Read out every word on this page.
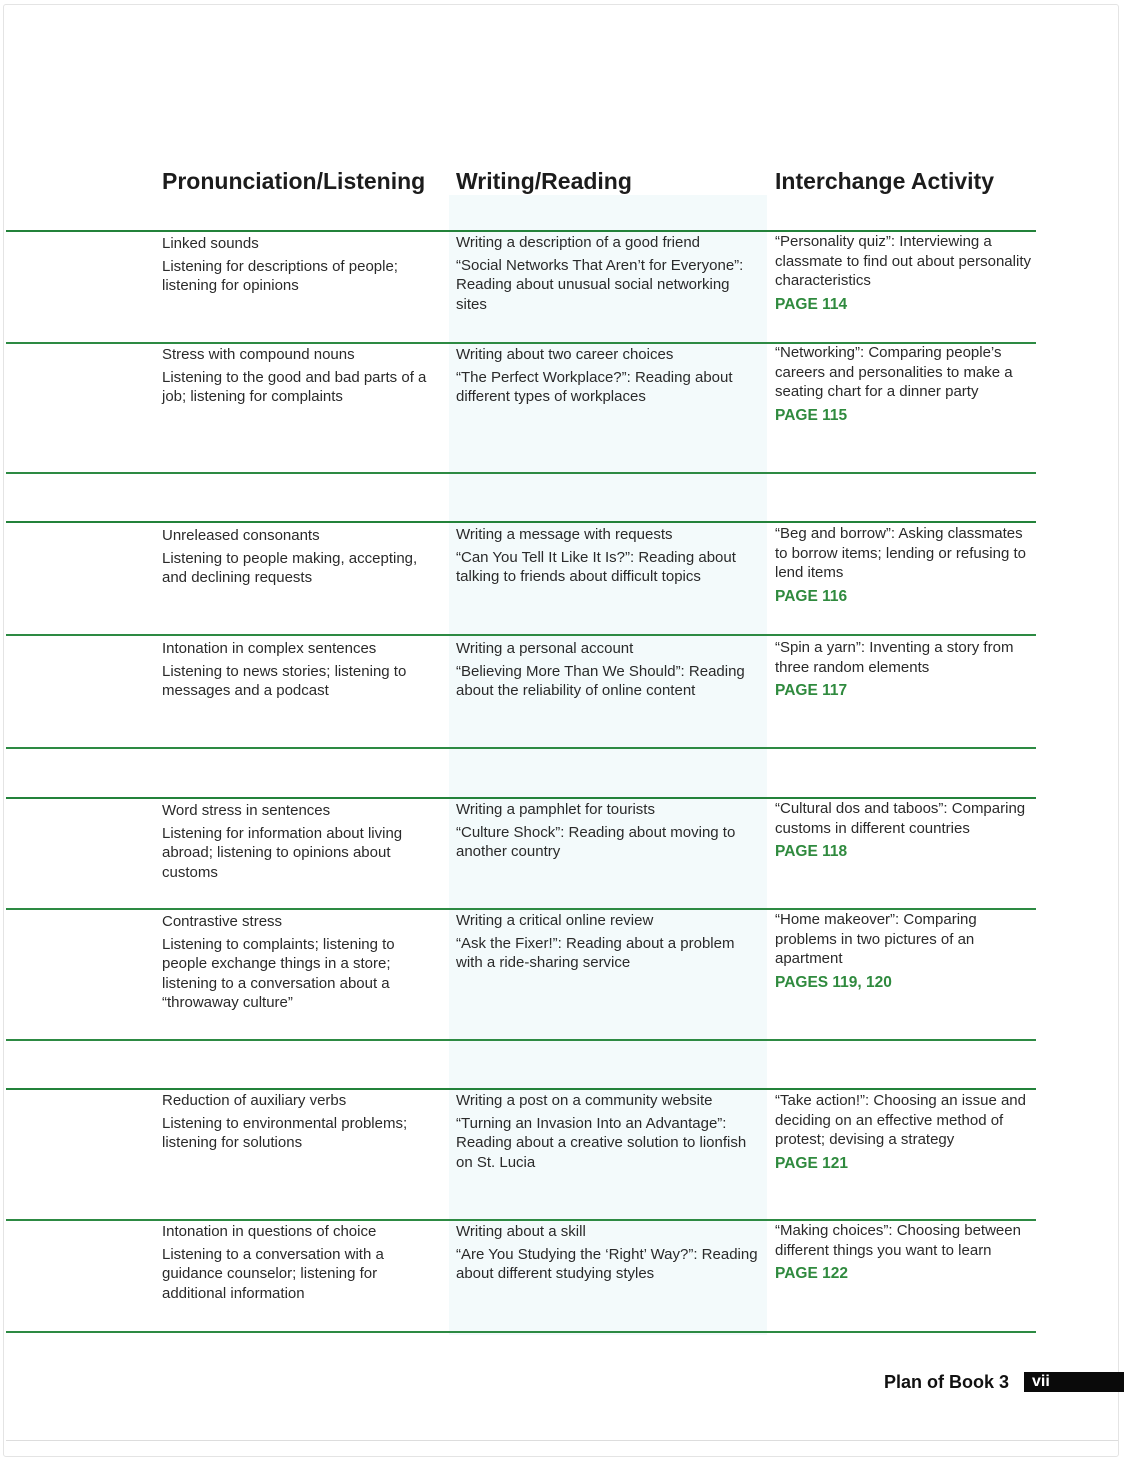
Pronunciation/Listening Writing/Reading	Interchange Activity
Linked sounds
Listening for descriptions of people; listening for opinions
Writing a description of a good friend
“Social Networks That Aren’t for Everyone”: Reading about unusual social networking sites
“Personality quiz”: Interviewing a classmate to find out about personality characteristics
PAGE 114
Stress with compound nouns
Listening to the good and bad parts of a job; listening for complaints
Writing about two career choices
“The Perfect Workplace?”: Reading about different types of workplaces
“Networking”: Comparing people’s careers and personalities to make a seating chart for a dinner party
PAGE 115
Unreleased consonants
Listening to people making, accepting, and declining requests
Writing a message with requests
“Can You Tell It Like It Is?”: Reading about talking to friends about difficult topics
“Beg and borrow”: Asking classmates to borrow items; lending or refusing to lend items
PAGE 116
Intonation in complex sentences
Listening to news stories; listening to messages and a podcast
Writing a personal account
“Believing More Than We Should”: Reading about the reliability of online content
“Spin a yarn”: Inventing a story from three random elements
PAGE 117
Word stress in sentences
Listening for information about living abroad; listening to opinions about customs
Writing a pamphlet for tourists
“Culture Shock”: Reading about moving to another country
“Cultural dos and taboos”: Comparing customs in different countries
PAGE 118
Contrastive stress
Listening to complaints; listening to people exchange things in a store; listening to a conversation about a “throwaway culture”
Writing a critical online review
“Ask the Fixer!”: Reading about a problem with a ride-sharing service
“Home makeover”: Comparing problems in two pictures of an apartment
PAGES 119, 120
Reduction of auxiliary verbs
Listening to environmental problems; listening for solutions
Writing a post on a community website
“Turning an Invasion Into an Advantage”: Reading about a creative solution to lionfish on St. Lucia
“Take action!”: Choosing an issue and deciding on an effective method of protest; devising a strategy
PAGE 121
Intonation in questions of choice
Listening to a conversation with a guidance counselor; listening for additional information
Writing about a skill
“Are You Studying the ‘Right’ Way?”: Reading about different studying styles
“Making choices”: Choosing between different things you want to learn
PAGE 122
Plan of Book 3	vii
